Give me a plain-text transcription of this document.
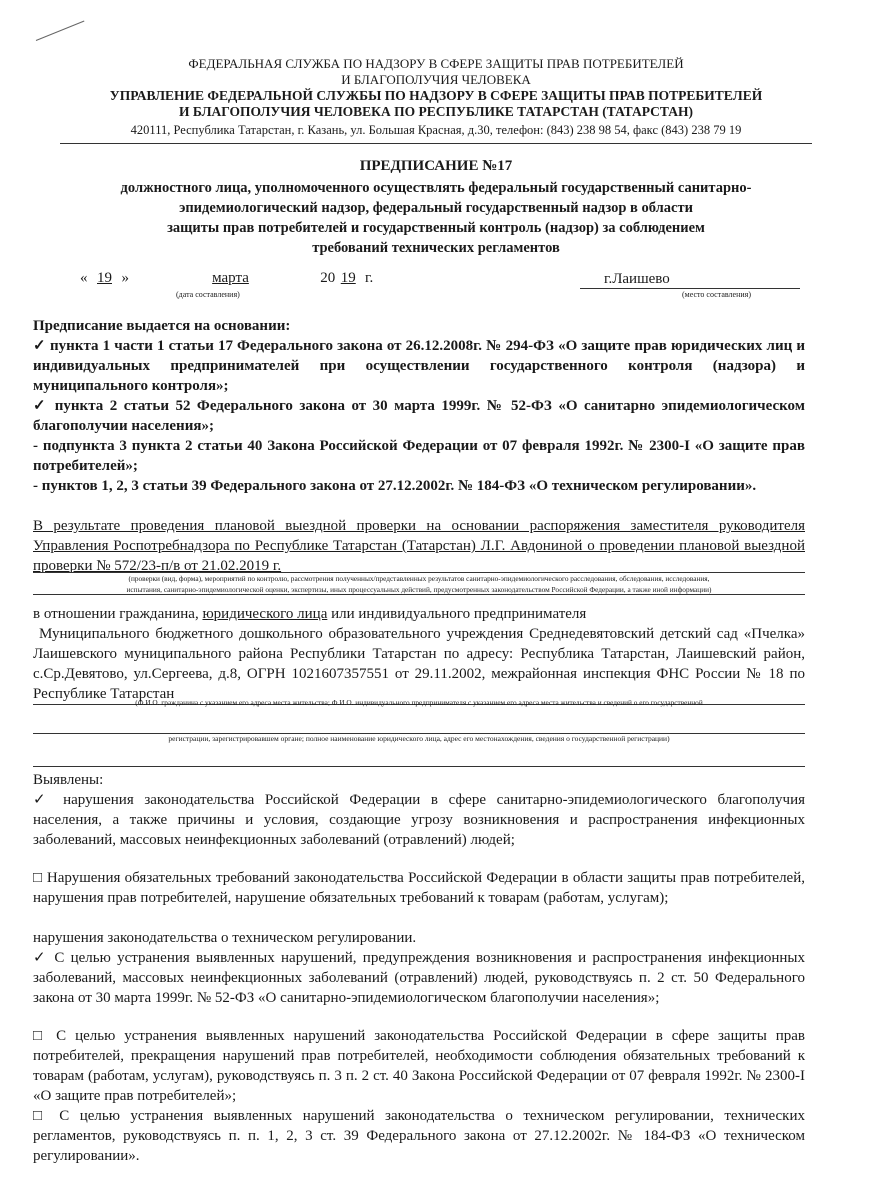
ФЕДЕРАЛЬНАЯ СЛУЖБА ПО НАДЗОРУ В СФЕРЕ ЗАЩИТЫ ПРАВ ПОТРЕБИТЕЛЕЙ
И БЛАГОПОЛУЧИЯ ЧЕЛОВЕКА
УПРАВЛЕНИЕ ФЕДЕРАЛЬНОЙ СЛУЖБЫ ПО НАДЗОРУ В СФЕРЕ ЗАЩИТЫ ПРАВ ПОТРЕБИТЕЛЕЙ
И БЛАГОПОЛУЧИЯ ЧЕЛОВЕКА ПО РЕСПУБЛИКЕ ТАТАРСТАН (ТАТАРСТАН)
420111, Республика Татарстан, г. Казань, ул. Большая Красная, д.30, телефон: (843) 238 98 54, факс (843) 238 79 19
ПРЕДПИСАНИЕ №17
должностного лица, уполномоченного осуществлять федеральный государственный санитарно-
эпидемиологический надзор, федеральный государственный надзор в области
защиты прав потребителей и государственный контроль (надзор) за соблюдением
требований технических регламентов
« 19 »	марта	20 19 г.
(дата составления)
г.Лаишево
(место составления)
Предписание выдается на основании:
✓ пункта 1 части 1 статьи 17 Федерального закона от 26.12.2008г. № 294-ФЗ «О защите прав юридических лиц и индивидуальных предпринимателей при осуществлении государственного контроля (надзора) и муниципального контроля»;
✓ пункта 2 статьи 52 Федерального закона от 30 марта 1999г. № 52-ФЗ «О санитарно эпидемиологическом благополучии населения»;
- подпункта 3 пункта 2 статьи 40 Закона Российской Федерации от 07 февраля 1992г. № 2300-I «О защите прав потребителей»;
- пунктов 1, 2, 3 статьи 39 Федерального закона от 27.12.2002г. № 184-ФЗ «О техническом регулировании».
В результате проведения плановой выездной проверки на основании распоряжения заместителя руководителя Управления Роспотребнадзора по Республике Татарстан (Татарстан) Л.Г. Авдониной о проведении плановой выездной проверки № 572/23-п/в от 21.02.2019 г.
(проверки (вид, форма), мероприятий по контролю, рассмотрения полученных/представленных результатов санитарно-эпидемиологического расследования, обследования, исследования,
испытания, санитарно-эпидемиологической оценки, экспертизы, иных процессуальных действий, предусмотренных законодательством Российской Федерации, а также иной информации)
в отношении гражданина, юридического лица или индивидуального предпринимателя
Муниципального бюджетного дошкольного образовательного учреждения Среднедевятовский детский сад «Пчелка» Лаишевского муниципального района Республики Татарстан по адресу: Республика Татарстан, Лаишевский район, с.Ср.Девятово, ул.Сергеева, д.8, ОГРН 1021607357551 от 29.11.2002, межрайонная инспекция ФНС России № 18 по Республике Татарстан
(Ф.И.О. гражданина с указанием его адреса места жительства; Ф.И.О. индивидуального предпринимателя с указанием его адреса места жительства и сведений о его государственной
регистрации, зарегистрировавшем органе; полное наименование юридического лица, адрес его местонахождения, сведения о государственной регистрации)
Выявлены:
✓ нарушения законодательства Российской Федерации в сфере санитарно-эпидемиологического благополучия населения, а также причины и условия, создающие угрозу возникновения и распространения инфекционных заболеваний, массовых неинфекционных заболеваний (отравлений) людей;
□ Нарушения обязательных требований законодательства Российской Федерации в области защиты прав потребителей, нарушения прав потребителей, нарушение обязательных требований к товарам (работам, услугам);
нарушения законодательства о техническом регулировании.
✓ С целью устранения выявленных нарушений, предупреждения возникновения и распространения инфекционных заболеваний, массовых неинфекционных заболеваний (отравлений) людей, руководствуясь п. 2 ст. 50 Федерального закона от 30 марта 1999г. № 52-ФЗ «О санитарно-эпидемиологическом благополучии населения»;
□ С целью устранения выявленных нарушений законодательства Российской Федерации в сфере защиты прав потребителей, прекращения нарушений прав потребителей, необходимости соблюдения обязательных требований к товарам (работам, услугам), руководствуясь п. 3 п. 2 ст. 40 Закона Российской Федерации от 07 февраля 1992г. № 2300-I «О защите прав потребителей»;
□ С целью устранения выявленных нарушений законодательства о техническом регулировании, технических регламентов, руководствуясь п. п. 1, 2, 3 ст. 39 Федерального закона от 27.12.2002г. № 184-ФЗ «О техническом регулировании».
